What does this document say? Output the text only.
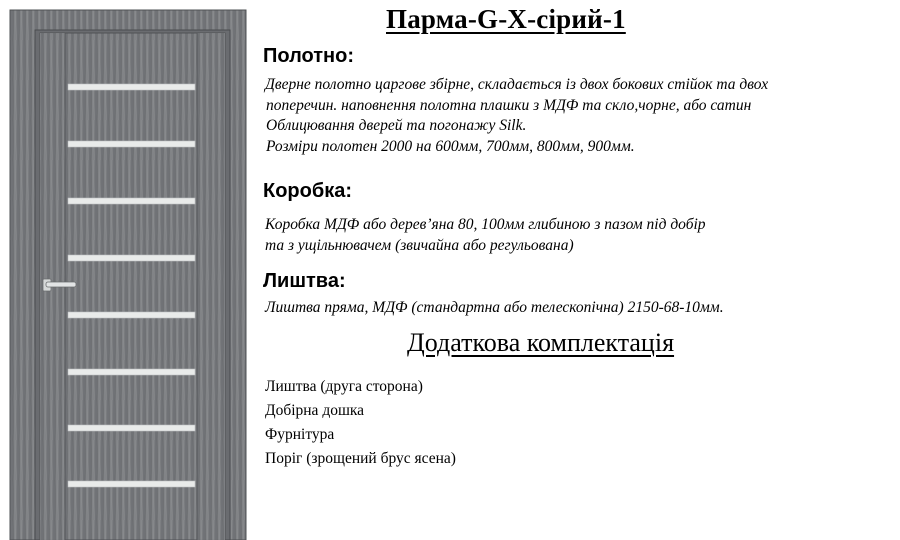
Парма-G-X-сірий-1
Полотно:
Дверне полотно царгове збірне, складається із двох бокових стійок та двох
поперечин. наповнення полотна плашки з МДФ та скло,чорне, або сатин
Облицювання дверей та погонажу Silk.
Розміри полотен 2000 на 600мм, 700мм, 800мм, 900мм.
Коробка:
Коробка МДФ або дерев’яна 80, 100мм глибиною з пазом під добір
та з ущільнювачем (звичайна або регульована)
Лиштва:
Лиштва пряма, МДФ (стандартна або телескопічна) 2150-68-10мм.
Додаткова комплектація
Лиштва (друга сторона)
Добірна дошка
Фурнітура
Поріг (зрощений брус ясена)
